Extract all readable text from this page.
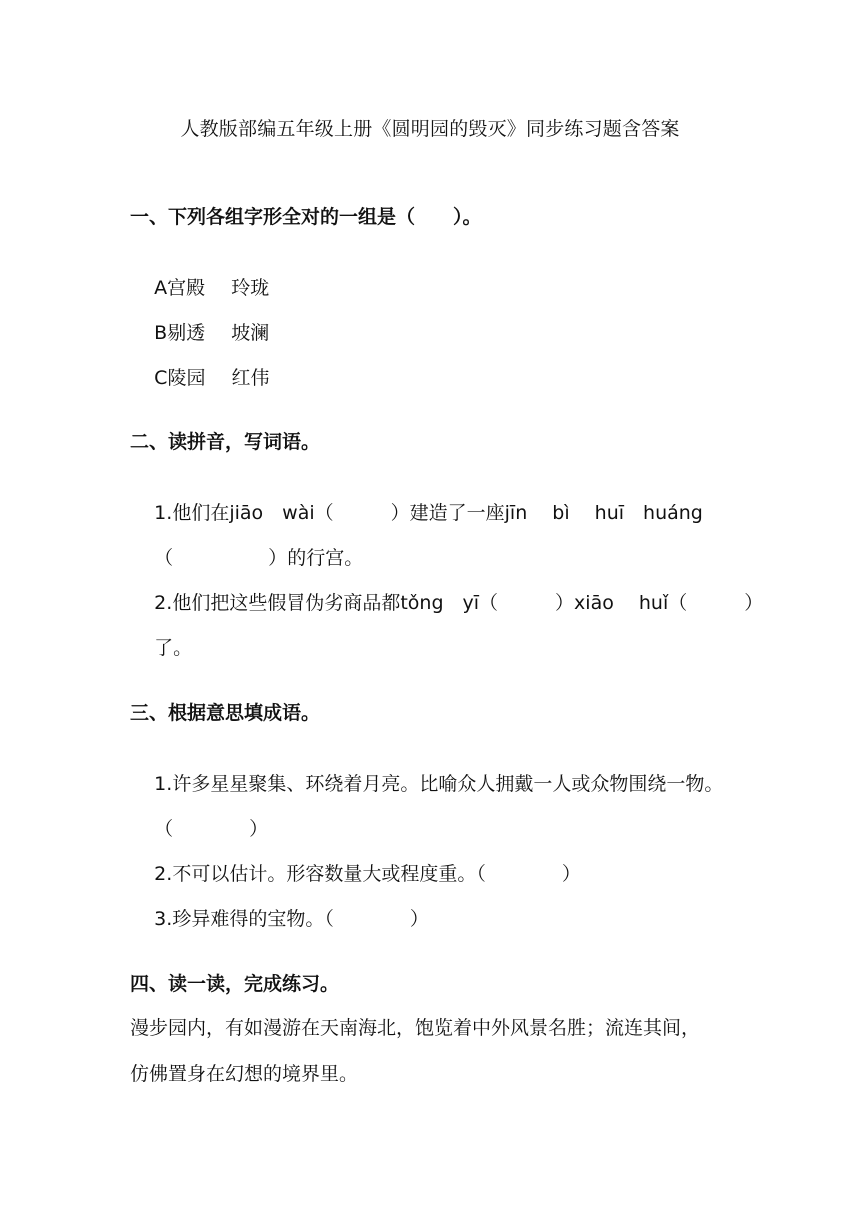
人教版部编五年级上册《圆明园的毁灭》同步练习题含答案
一、下列各组字形全对的一组是（　　）。

A宫殿 玲珑

B剔透 坡澜

C陵园 红伟

二、读拼音，写词语。

1.他们在jiāo　wài（　　　）建造了一座jīn　 bì　 huī　huáng

（　　　　　）的行宫。

2.他们把这些假冒伪劣商品都tǒng　yī（　　　）xiāo　 huǐ（　　　）

了。

三、根据意思填成语。

1.许多星星聚集、环绕着月亮。比喻众人拥戴一人或众物围绕一物。

（　　　　）

2.不可以估计。形容数量大或程度重。（　　　　）

3.珍异难得的宝物。（　　　　）

四、读一读，完成练习。
漫步园内，有如漫游在天南海北，饱览着中外风景名胜；流连其间，
仿佛置身在幻想的境界里。
